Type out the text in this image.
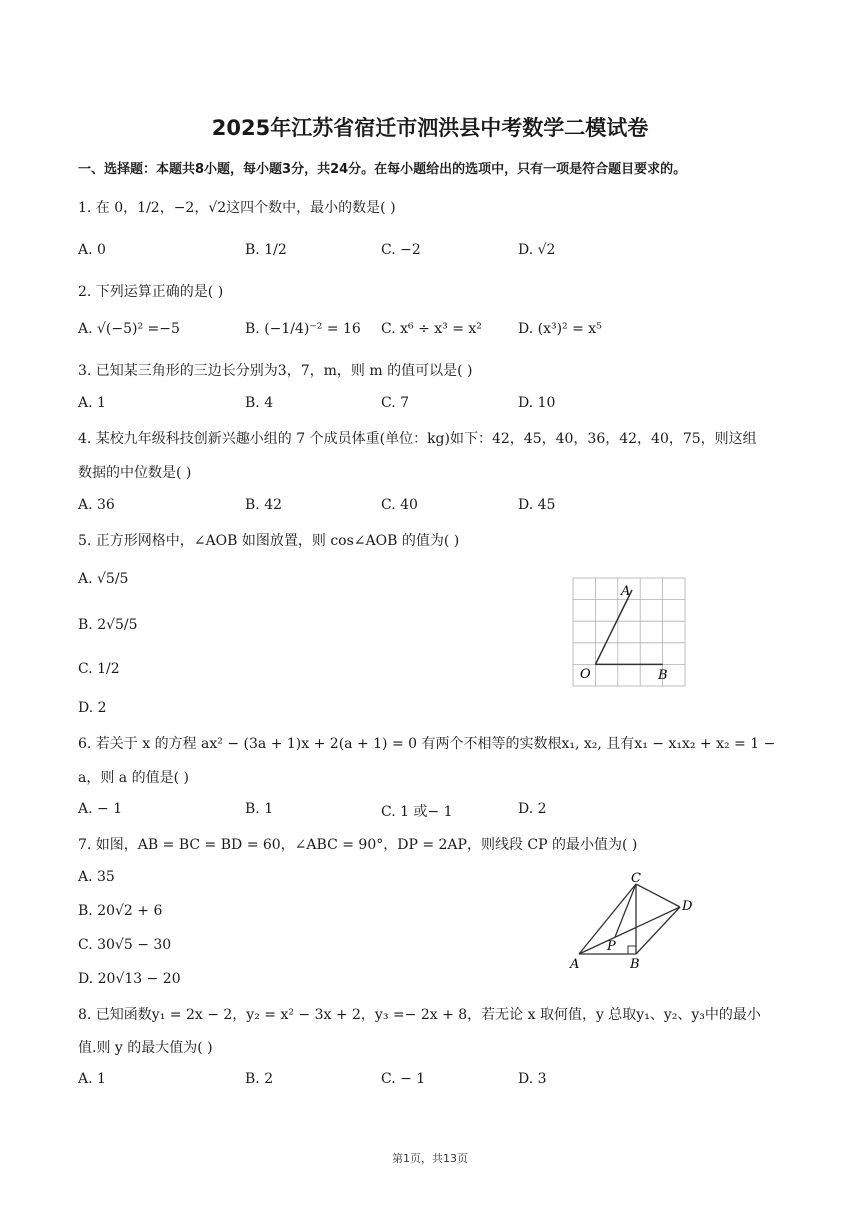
2025年江苏省宿迁市泗洪县中考数学二模试卷
一、选择题：本题共8小题，每小题3分，共24分。在每小题给出的选项中，只有一项是符合题目要求的。
1. 在 0，1/2，−2，√2这四个数中，最小的数是( )
A. 0	B. 1/2	C. −2	D. √2
2. 下列运算正确的是( )
A. √(−5)² =−5	B. (−1/4)⁻² = 16 C. x⁶ ÷ x³ = x²	D. (x³)² = x⁵
3. 已知某三角形的三边长分别为3，7，m，则 m 的值可以是( )
A. 1	B. 4	C. 7	D. 10
4. 某校九年级科技创新兴趣小组的 7 个成员体重(单位：kg)如下：42，45，40，36，42，40，75，则这组
数据的中位数是( )
A. 36	B. 42	C. 40	D. 45
5. 正方形网格中，∠AOB 如图放置，则 cos∠AOB 的值为( )
A. √5/5
B. 2√5/5
C. 1/2
D. 2
A
O	B
6. 若关于 x 的方程 ax² − (3a + 1)x + 2(a + 1) = 0 有两个不相等的实数根x₁, x₂, 且有x₁ − x₁x₂ + x₂ = 1 −
a，则 a 的值是( )
A. − 1	B. 1	C. 1 或− 1	D. 2
7. 如图，AB = BC = BD = 60，∠ABC = 90°，DP = 2AP，则线段 CP 的最小值为( )
A. 35
B. 20√2 + 6
C. 30√5 − 30
D. 20√13 − 20
A	B
C
D
P
8. 已知函数y₁ = 2x − 2，y₂ = x² − 3x + 2，y₃ =− 2x + 8，若无论 x 取何值，y 总取y₁、y₂、y₃中的最小
值.则 y 的最大值为( )
A. 1	B. 2	C. − 1	D. 3
第1页，共13页
